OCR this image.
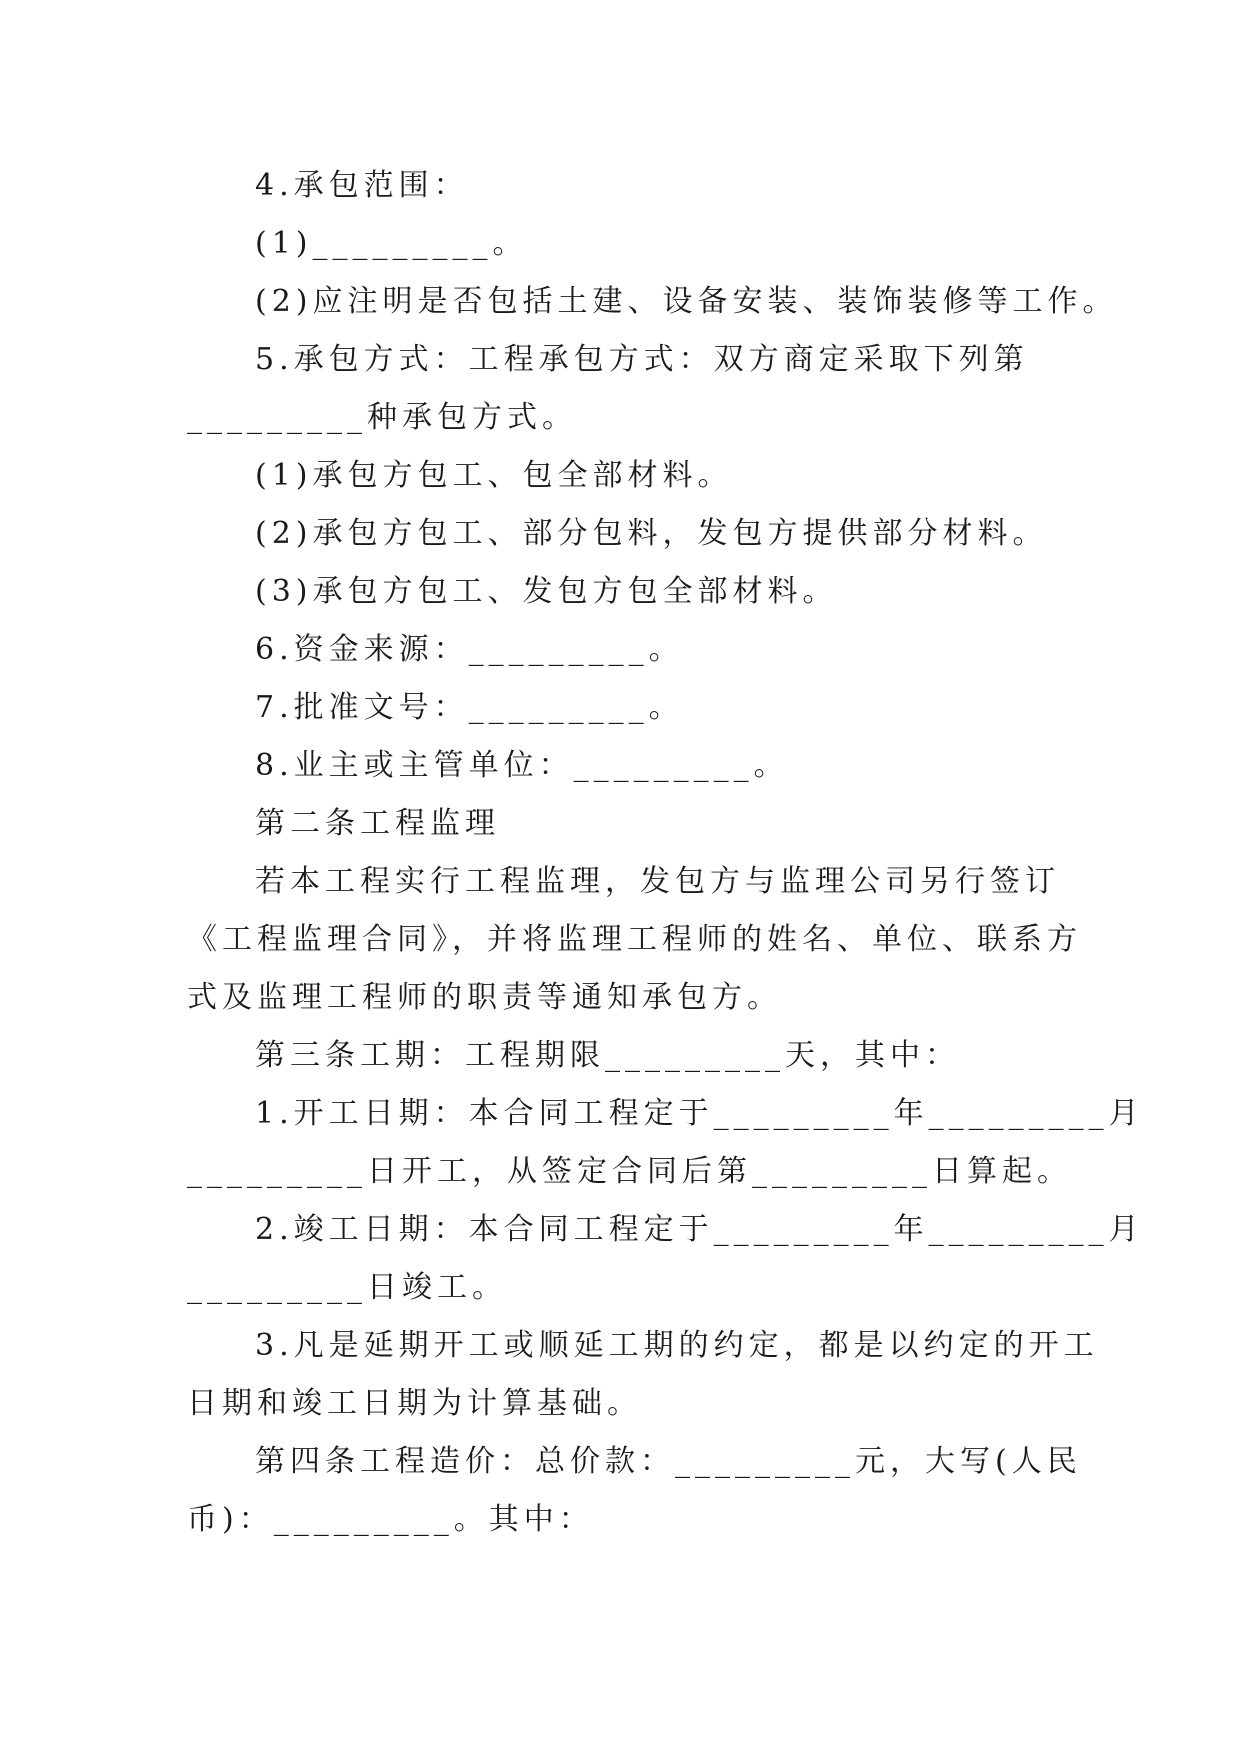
4.承包范围：

(1)_________。

(2)应注明是否包括土建、设备安装、装饰装修等工作。

5.承包方式：工程承包方式：双方商定采取下列第

_________种承包方式。

(1)承包方包工、包全部材料。

(2)承包方包工、部分包料，发包方提供部分材料。

(3)承包方包工、发包方包全部材料。

6.资金来源：_________。

7.批准文号：_________。

8.业主或主管单位：_________。

第二条工程监理

若本工程实行工程监理，发包方与监理公司另行签订

《工程监理合同》，并将监理工程师的姓名、单位、联系方

式及监理工程师的职责等通知承包方。

第三条工期：工程期限_________天，其中：

1.开工日期：本合同工程定于_________年_________月

_________日开工，从签定合同后第_________日算起。

2.竣工日期：本合同工程定于_________年_________月

_________日竣工。

3.凡是延期开工或顺延工期的约定，都是以约定的开工

日期和竣工日期为计算基础。

第四条工程造价：总价款：_________元，大写(人民

币)：_________。其中：
